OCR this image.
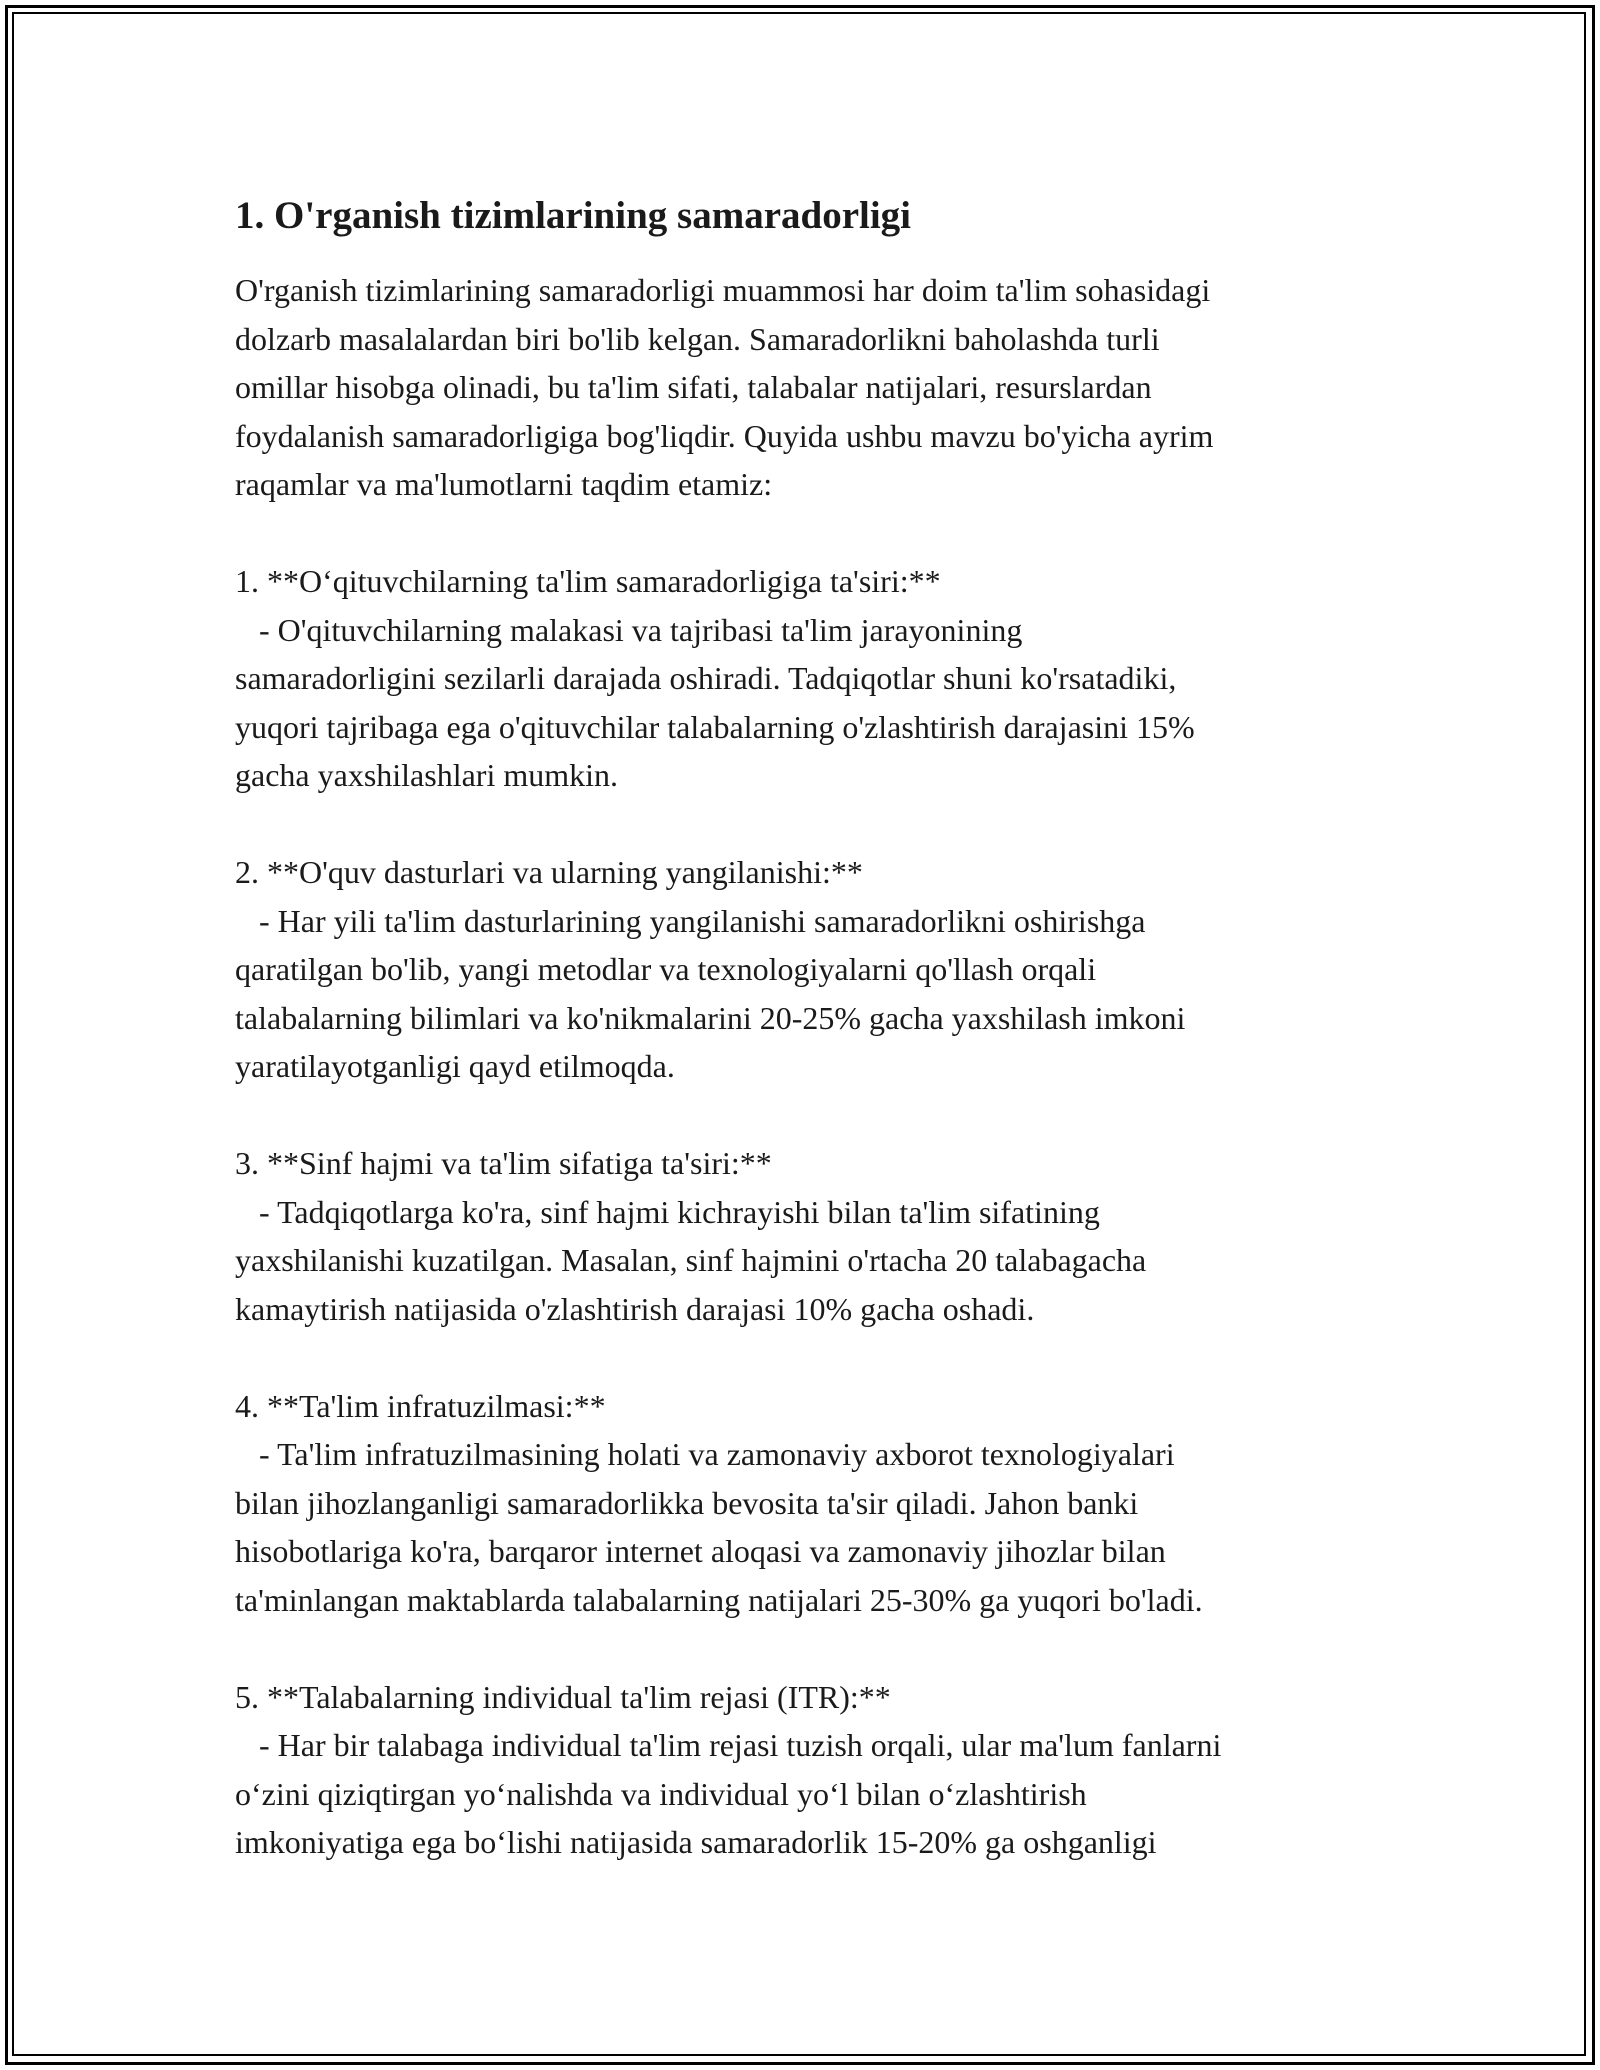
1. O'rganish tizimlarining samaradorligi

O'rganish tizimlarining samaradorligi muammosi har doim ta'lim sohasidagi
dolzarb masalalardan biri bo'lib kelgan. Samaradorlikni baholashda turli
omillar hisobga olinadi, bu ta'lim sifati, talabalar natijalari, resurslardan
foydalanish samaradorligiga bog'liqdir. Quyida ushbu mavzu bo'yicha ayrim
raqamlar va ma'lumotlarni taqdim etamiz:

1. **O‘qituvchilarning ta'lim samaradorligiga ta'siri:**

- O'qituvchilarning malakasi va tajribasi ta'lim jarayonining
samaradorligini sezilarli darajada oshiradi. Tadqiqotlar shuni ko'rsatadiki,
yuqori tajribaga ega o'qituvchilar talabalarning o'zlashtirish darajasini 15%
gacha yaxshilashlari mumkin.

2. **O'quv dasturlari va ularning yangilanishi:**

- Har yili ta'lim dasturlarining yangilanishi samaradorlikni oshirishga
qaratilgan bo'lib, yangi metodlar va texnologiyalarni qo'llash orqali
talabalarning bilimlari va ko'nikmalarini 20-25% gacha yaxshilash imkoni
yaratilayotganligi qayd etilmoqda.

3. **Sinf hajmi va ta'lim sifatiga ta'siri:**

- Tadqiqotlarga ko'ra, sinf hajmi kichrayishi bilan ta'lim sifatining
yaxshilanishi kuzatilgan. Masalan, sinf hajmini o'rtacha 20 talabagacha
kamaytirish natijasida o'zlashtirish darajasi 10% gacha oshadi.

4. **Ta'lim infratuzilmasi:**

- Ta'lim infratuzilmasining holati va zamonaviy axborot texnologiyalari
bilan jihozlanganligi samaradorlikka bevosita ta'sir qiladi. Jahon banki
hisobotlariga ko'ra, barqaror internet aloqasi va zamonaviy jihozlar bilan
ta'minlangan maktablarda talabalarning natijalari 25-30% ga yuqori bo'ladi.

5. **Talabalarning individual ta'lim rejasi (ITR):**

- Har bir talabaga individual ta'lim rejasi tuzish orqali, ular ma'lum fanlarni
o‘zini qiziqtirgan yo‘nalishda va individual yo‘l bilan o‘zlashtirish
imkoniyatiga ega bo‘lishi natijasida samaradorlik 15-20% ga oshganligi
